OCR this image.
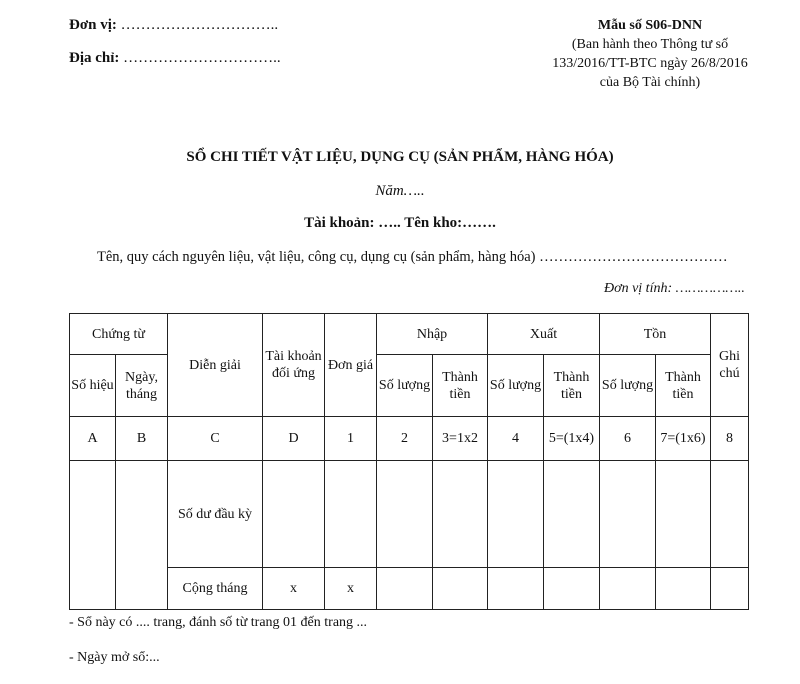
Đơn vị: …………………………..
Địa chỉ: …………………………..
Mẫu số S06-DNN
(Ban hành theo Thông tư số
133/2016/TT-BTC ngày 26/8/2016
của Bộ Tài chính)
SỔ CHI TIẾT VẬT LIỆU, DỤNG CỤ (SẢN PHẨM, HÀNG HÓA)
Năm…..
Tài khoản: ….. Tên kho:…….
Tên, quy cách nguyên liệu, vật liệu, công cụ, dụng cụ (sản phẩm, hàng hóa) …………………………………
Đơn vị tính: ……………..
Chứng từ		Diễn giải	Tài khoản đối ứng	Đơn giá	Nhập		Xuất		Tồn		Ghi chú
Số hiệu	Ngày, tháng				Số lượng	Thành tiền	Số lượng	Thành tiền	Số lượng	Thành tiền	
A	B	C	D	1	2	3=1x2	4	5=(1x4)	6	7=(1x6)	8
		Số dư đầu kỳ									
		Cộng tháng	x	x							
- Sổ này có .... trang, đánh số từ trang 01 đến trang ...
- Ngày mở sổ:...
